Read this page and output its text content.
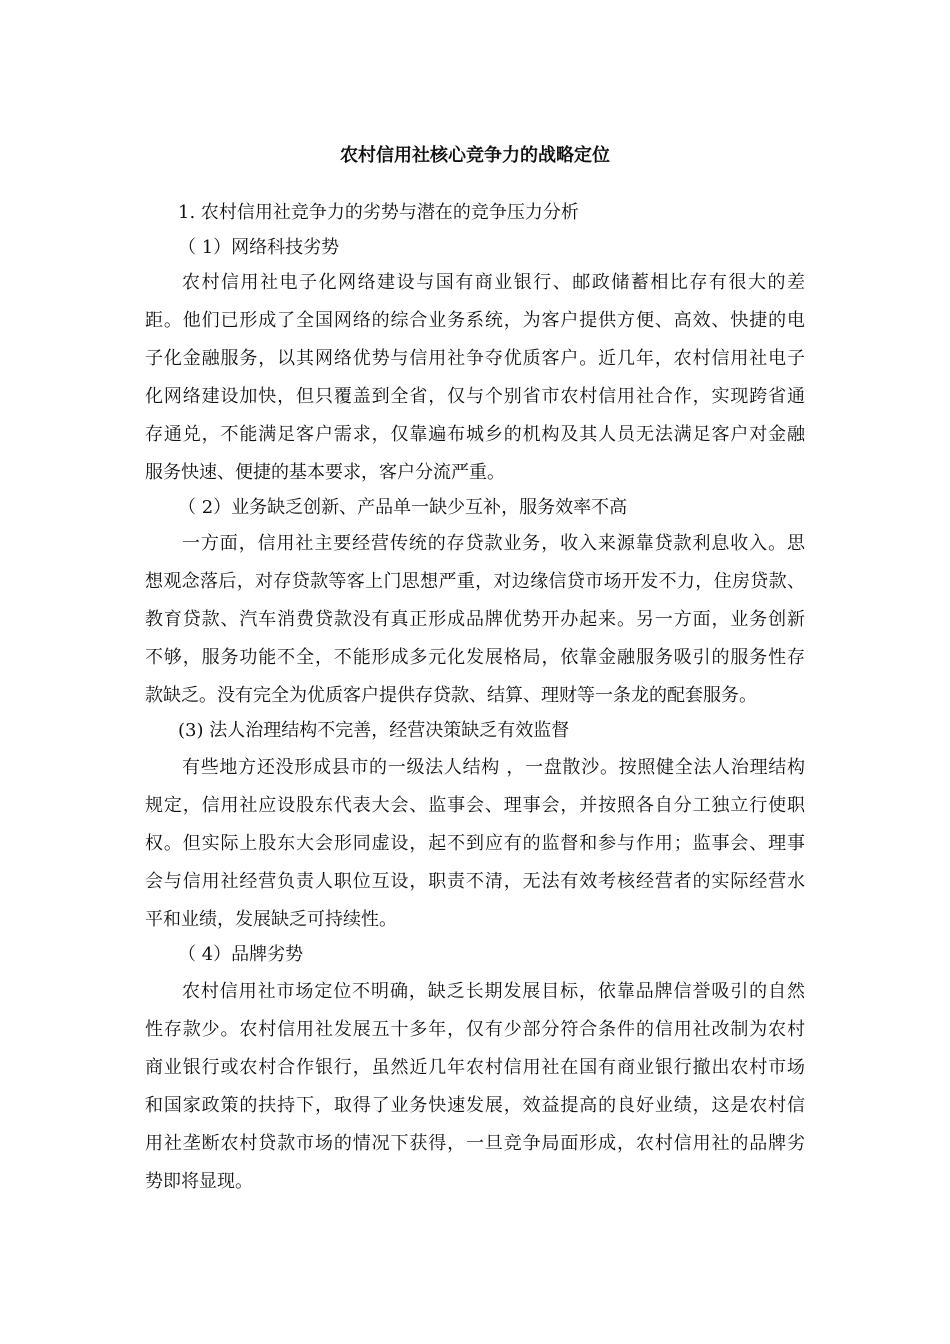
农村信用社核心竞争力的战略定位
1. 农村信用社竞争力的劣势与潜在的竞争压力分析
（ 1）网络科技劣势
农村信用社电子化网络建设与国有商业银行、邮政储蓄相比存有很大的差
距。他们已形成了全国网络的综合业务系统，为客户提供方便、高效、快捷的电
子化金融服务，以其网络优势与信用社争夺优质客户。近几年，农村信用社电子
化网络建设加快，但只覆盖到全省，仅与个别省市农村信用社合作，实现跨省通
存通兑，不能满足客户需求，仅靠遍布城乡的机构及其人员无法满足客户对金融
服务快速、便捷的基本要求，客户分流严重。
（ 2）业务缺乏创新、产品单一缺少互补，服务效率不高
一方面，信用社主要经营传统的存贷款业务，收入来源靠贷款利息收入。思
想观念落后，对存贷款等客上门思想严重，对边缘信贷市场开发不力，住房贷款、
教育贷款、汽车消费贷款没有真正形成品牌优势开办起来。另一方面，业务创新
不够，服务功能不全，不能形成多元化发展格局，依靠金融服务吸引的服务性存
款缺乏。没有完全为优质客户提供存贷款、结算、理财等一条龙的配套服务。
(3) 法人治理结构不完善，经营决策缺乏有效监督
有些地方还没形成县市的一级法人结构 ，一盘散沙。按照健全法人治理结构
规定，信用社应设股东代表大会、监事会、理事会，并按照各自分工独立行使职
权。但实际上股东大会形同虚设，起不到应有的监督和参与作用；监事会、理事
会与信用社经营负责人职位互设，职责不清，无法有效考核经营者的实际经营水
平和业绩，发展缺乏可持续性。
（ 4）品牌劣势
农村信用社市场定位不明确，缺乏长期发展目标，依靠品牌信誉吸引的自然
性存款少。农村信用社发展五十多年，仅有少部分符合条件的信用社改制为农村
商业银行或农村合作银行，虽然近几年农村信用社在国有商业银行撤出农村市场
和国家政策的扶持下，取得了业务快速发展，效益提高的良好业绩，这是农村信
用社垄断农村贷款市场的情况下获得，一旦竞争局面形成，农村信用社的品牌劣
势即将显现。
